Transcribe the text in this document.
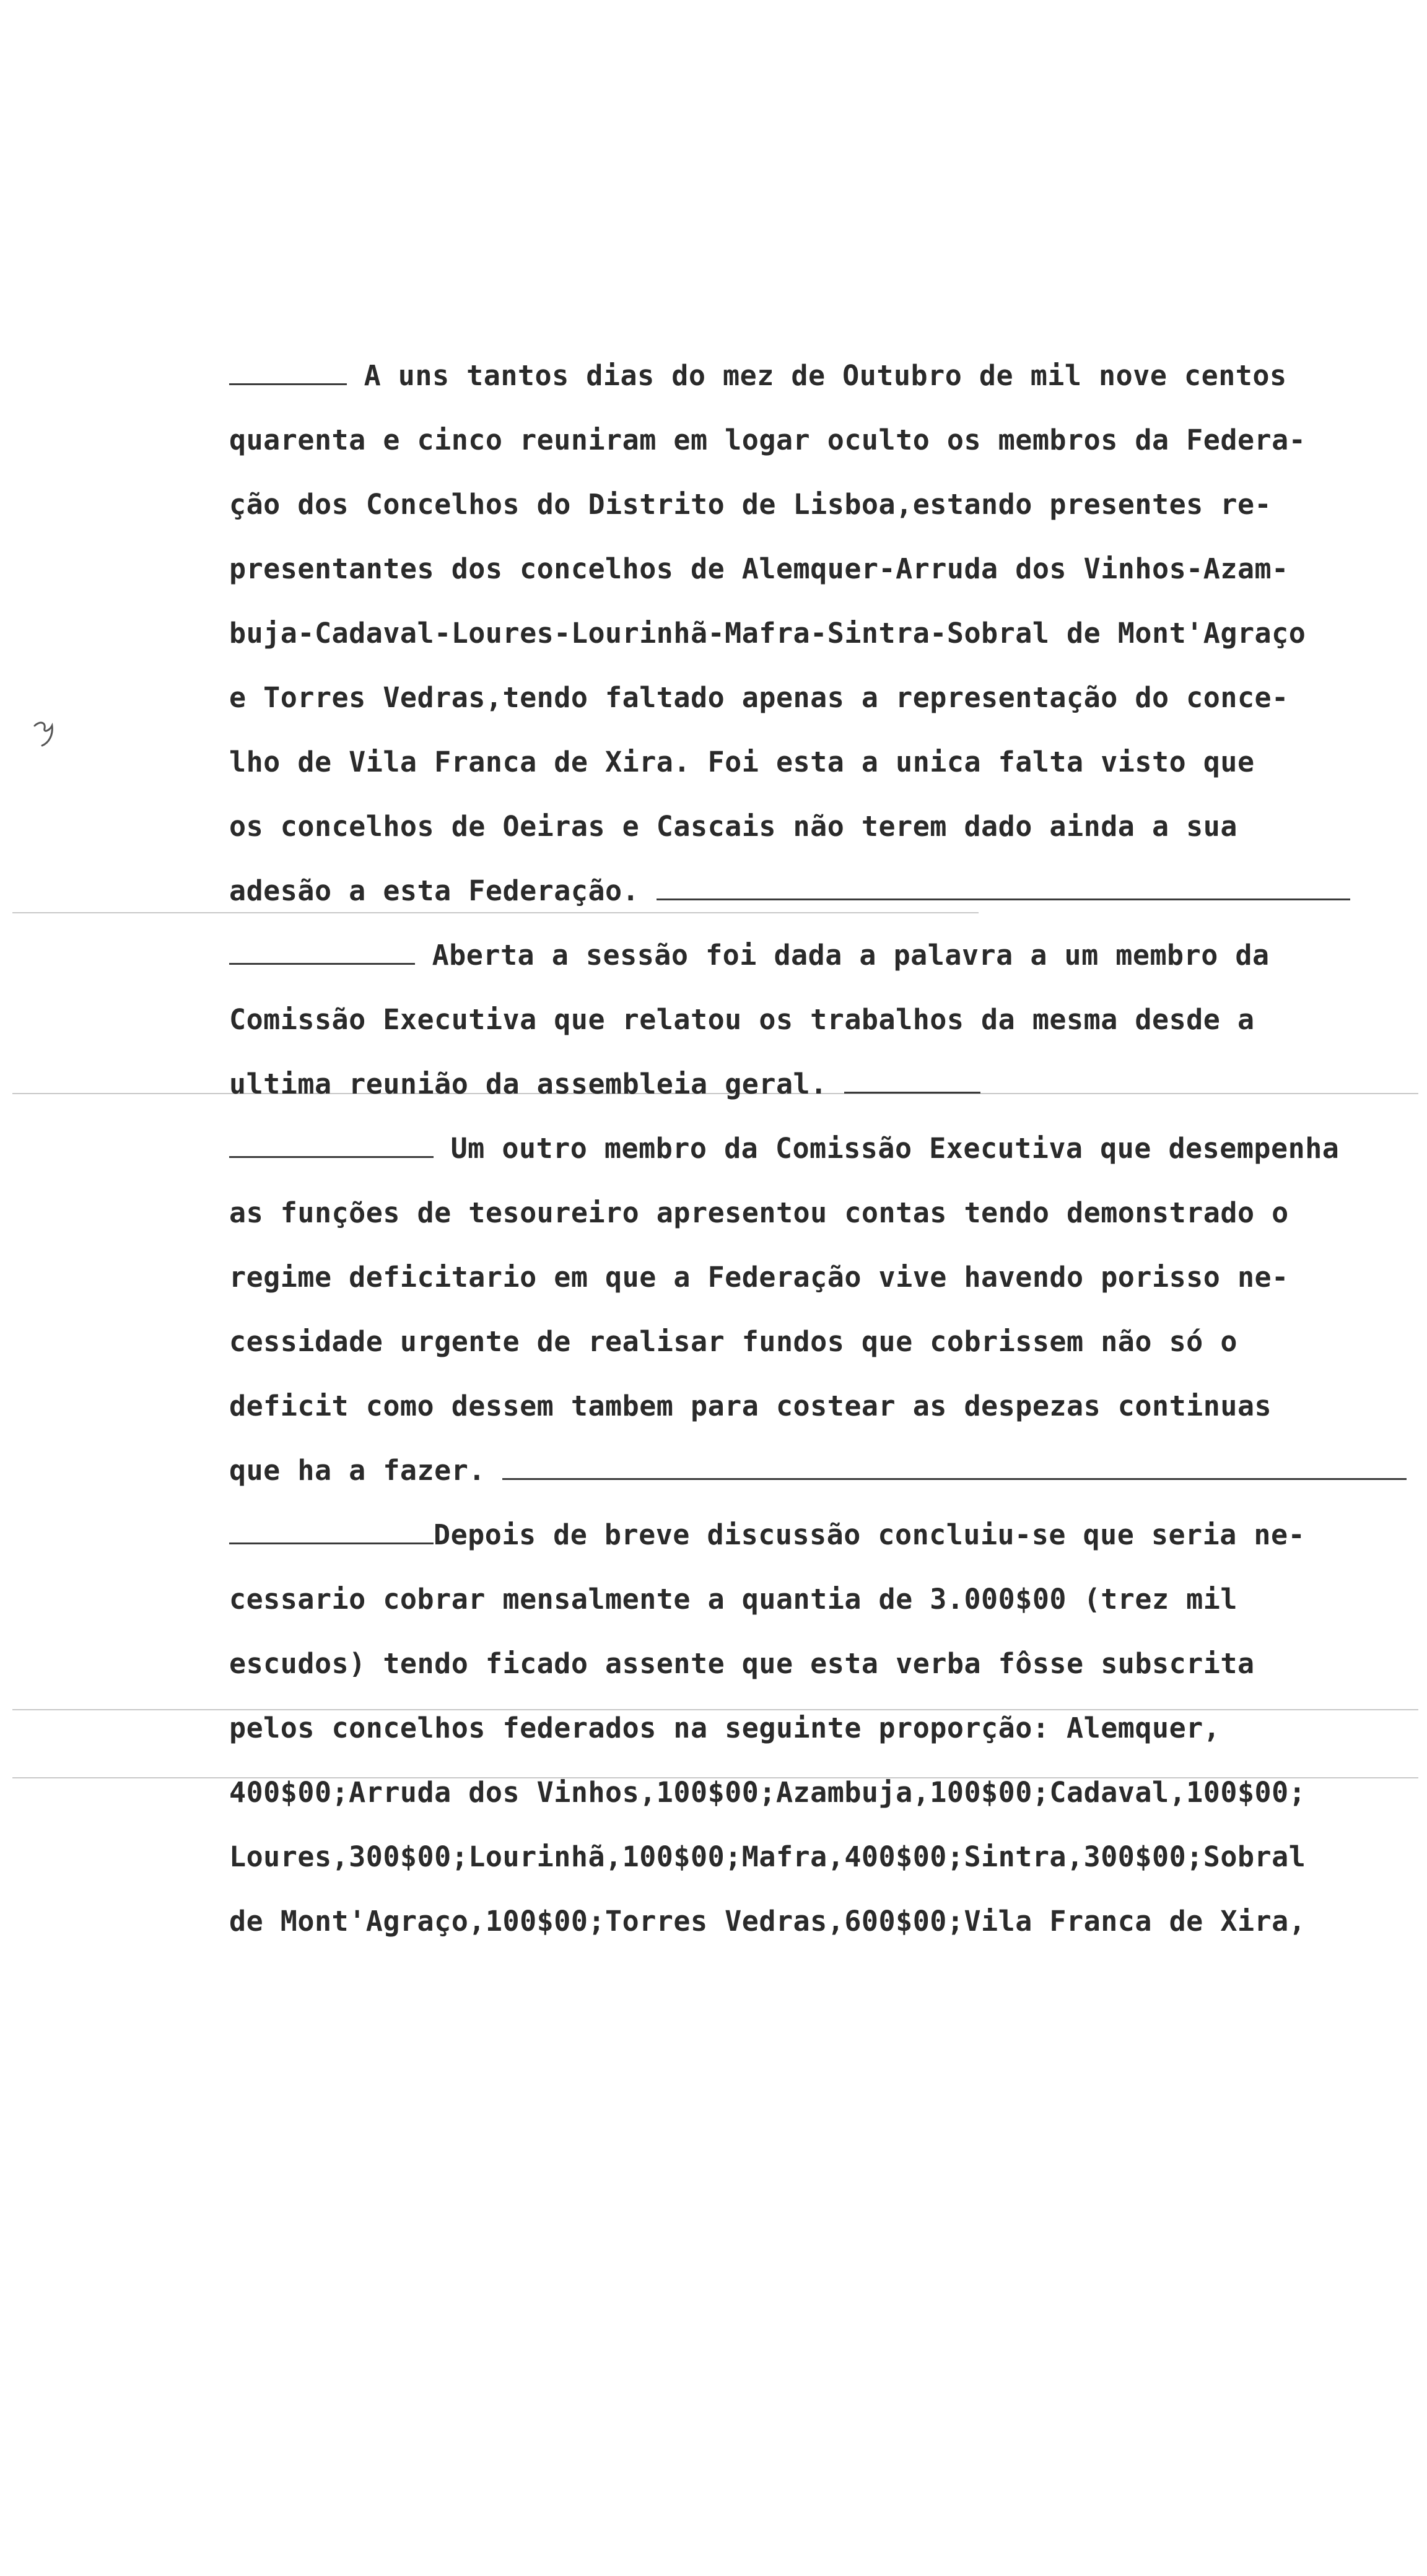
A uns tantos dias do mez de Outubro de mil nove centos
quarenta e cinco reuniram em logar oculto os membros da Federa-
ção dos Concelhos do Distrito de Lisboa,estando presentes re-
presentantes dos concelhos de Alemquer-Arruda dos Vinhos-Azam-
buja-Cadaval-Loures-Lourinhã-Mafra-Sintra-Sobral de Mont'Agraço
e Torres Vedras,tendo faltado apenas a representação do conce-
lho de Vila Franca de Xira. Foi esta a unica falta visto que
os concelhos de Oeiras e Cascais não terem dado ainda a sua
adesão a esta Federação.
Aberta a sessão foi dada a palavra a um membro da
Comissão Executiva que relatou os trabalhos da mesma desde a
ultima reunião da assembleia geral.
Um outro membro da Comissão Executiva que desempenha
as funções de tesoureiro apresentou contas tendo demonstrado o
regime deficitario em que a Federação vive havendo porisso ne-
cessidade urgente de realisar fundos que cobrissem não só o
deficit como dessem tambem para costear as despezas continuas
que ha a fazer.
Depois de breve discussão concluiu-se que seria ne-
cessario cobrar mensalmente a quantia de 3.000$00 (trez mil
escudos) tendo ficado assente que esta verba fôsse subscrita
pelos concelhos federados na seguinte proporção: Alemquer,
400$00;Arruda dos Vinhos,100$00;Azambuja,100$00;Cadaval,100$00;
Loures,300$00;Lourinhã,100$00;Mafra,400$00;Sintra,300$00;Sobral
de Mont'Agraço,100$00;Torres Vedras,600$00;Vila Franca de Xira,
